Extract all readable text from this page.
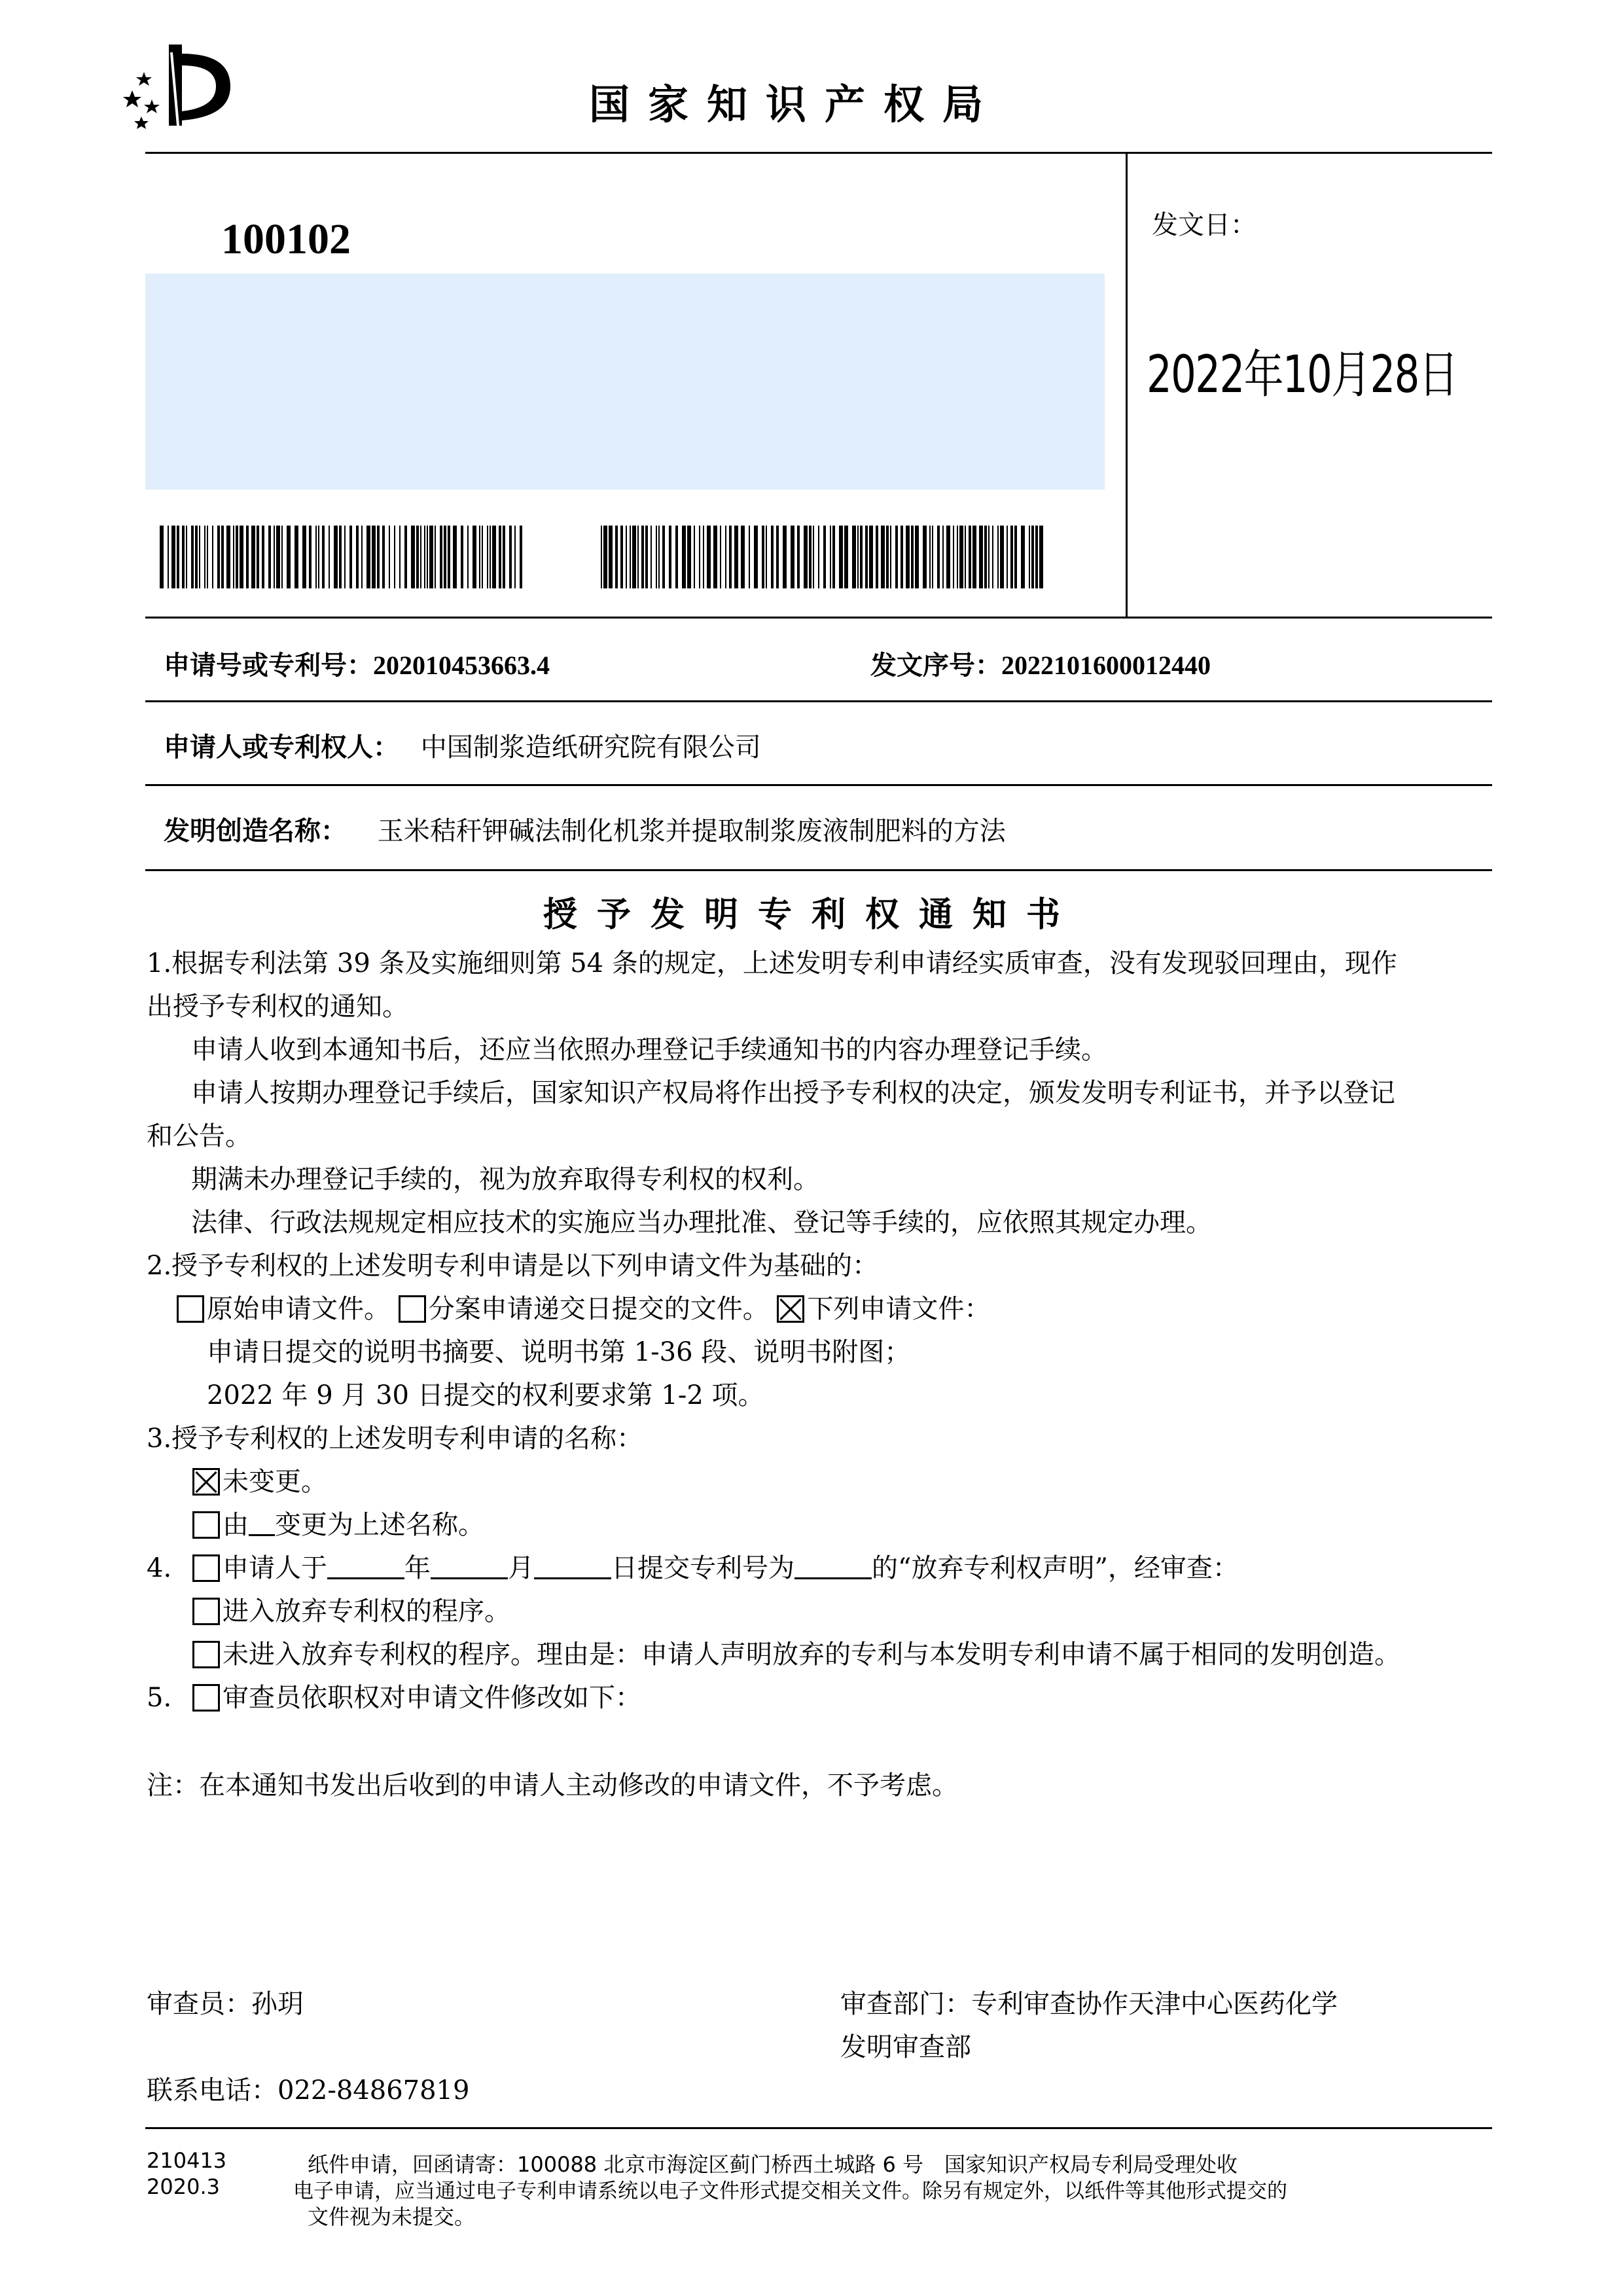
国家知识产权局
100102	发文日：
2022年10月28日
申请号或专利号：202010453663.4	发文序号：2022101600012440
申请人或专利权人： 中国制浆造纸研究院有限公司
发明创造名称： 玉米秸秆钾碱法制化机浆并提取制浆废液制肥料的方法
授予发明专利权通知书
1.根据专利法第 39 条及实施细则第 54 条的规定，上述发明专利申请经实质审查，没有发现驳回理由，现作
出授予专利权的通知。
申请人收到本通知书后，还应当依照办理登记手续通知书的内容办理登记手续。
申请人按期办理登记手续后，国家知识产权局将作出授予专利权的决定，颁发发明专利证书，并予以登记
和公告。
期满未办理登记手续的，视为放弃取得专利权的权利。
法律、行政法规规定相应技术的实施应当办理批准、登记等手续的，应依照其规定办理。
2.授予专利权的上述发明专利申请是以下列申请文件为基础的：
原始申请文件。 分案申请递交日提交的文件。 下列申请文件：
申请日提交的说明书摘要、说明书第 1-36 段、说明书附图；
2022 年 9 月 30 日提交的权利要求第 1-2 项。
3.授予专利权的上述发明专利申请的名称：
未变更。
由 变更为上述名称。
4. 申请人于	年	月	日提交专利号为	的“放弃专利权声明”，经审查：
进入放弃专利权的程序。
未进入放弃专利权的程序。理由是：申请人声明放弃的专利与本发明专利申请不属于相同的发明创造。
5. 审查员依职权对申请文件修改如下：
注：在本通知书发出后收到的申请人主动修改的申请文件，不予考虑。
审查员：孙玥
联系电话：022-84867819
审查部门：专利审查协作天津中心医药化学
发明审查部
210413
2020.3
纸件申请，回函请寄：100088 北京市海淀区蓟门桥西土城路 6 号　国家知识产权局专利局受理处收
电子申请，应当通过电子专利申请系统以电子文件形式提交相关文件。除另有规定外，以纸件等其他形式提交的
文件视为未提交。
